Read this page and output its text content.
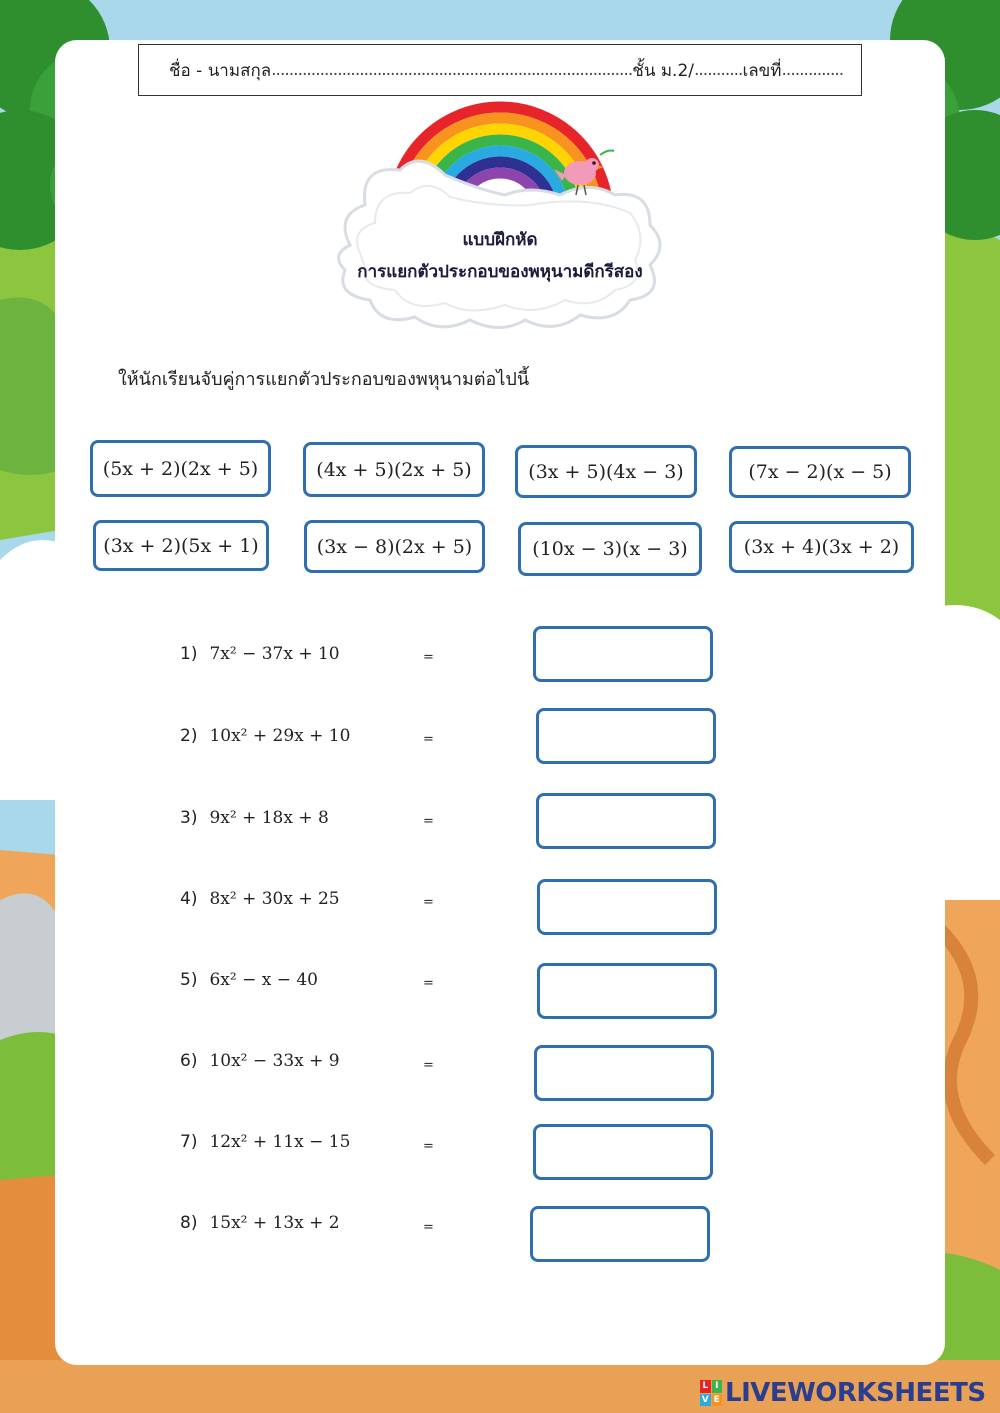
ชื่อ - นามสกุล .................................................................................. ชั้น ม.2/ ........... เลขที่ ..............
แบบฝึกหัด
การแยกตัวประกอบของพหุนามดีกรีสอง
ให้นักเรียนจับคู่การแยกตัวประกอบของพหุนามต่อไปนี้
(5x + 2)(2x + 5)	(4x + 5)(2x + 5)	(3x + 5)(4x − 3)	(7x − 2)(x − 5)
(3x + 2)(5x + 1)	(3x − 8)(2x + 5)	(10x − 3)(x − 3)	(3x + 4)(3x + 2)
1) 7x² − 37x + 10	=
2) 10x² + 29x + 10	=
3) 9x² + 18x + 8	=
4) 8x² + 30x + 25	=
5) 6x² − x − 40	=
6) 10x² − 33x + 9	=
7) 12x² + 11x − 15	=
8) 15x² + 13x + 2	=
L I
V E LIVEWORKSHEETS
